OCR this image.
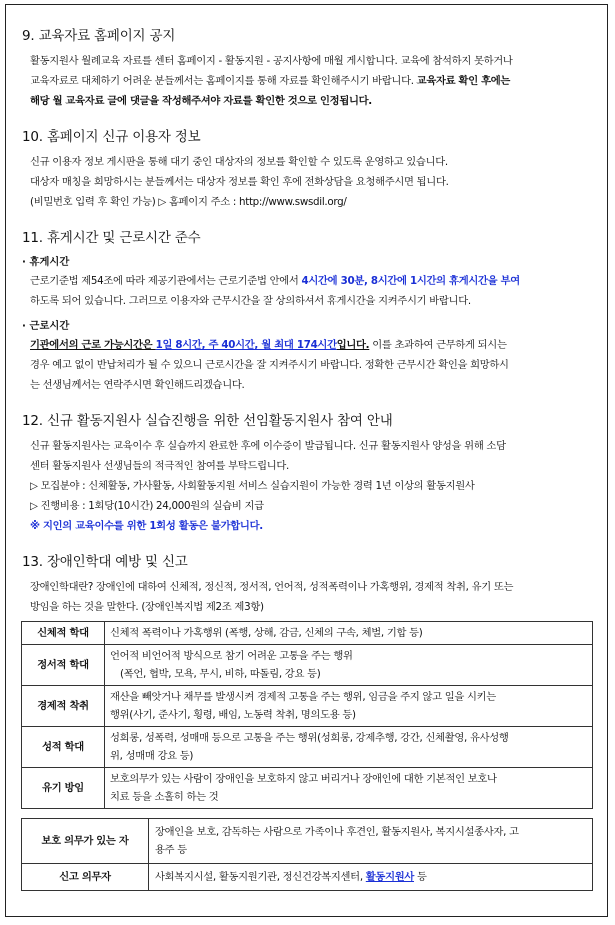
9. 교육자료 홈페이지 공지
활동지원사 월례교육 자료를 센터 홈페이지 - 활동지원 - 공지사항에 매월 게시합니다. 교육에 참석하지 못하거나
교육자료로 대체하기 어려운 분들께서는 홈페이지를 통해 자료를 확인해주시기 바랍니다. 교육자료 확인 후에는
해당 월 교육자료 글에 댓글을 작성해주셔야 자료를 확인한 것으로 인정됩니다.
10. 홈페이지 신규 이용자 정보
신규 이용자 정보 게시판을 통해 대기 중인 대상자의 정보를 확인할 수 있도록 운영하고 있습니다.
대상자 매칭을 희망하시는 분들께서는 대상자 정보를 확인 후에 전화상담을 요청해주시면 됩니다.
(비밀번호 입력 후 확인 가능) ▷ 홈페이지 주소 : http://www.swsdil.org/
11. 휴게시간 및 근로시간 준수
· 휴게시간
근로기준법 제54조에 따라 제공기관에서는 근로기준법 안에서 4시간에 30분, 8시간에 1시간의 휴게시간을 부여
하도록 되어 있습니다. 그러므로 이용자와 근무시간을 잘 상의하셔서 휴게시간을 지켜주시기 바랍니다.
· 근로시간
기관에서의 근로 가능시간은 1일 8시간, 주 40시간, 월 최대 174시간입니다. 이를 초과하여 근무하게 되시는
경우 예고 없이 반납처리가 될 수 있으니 근로시간을 잘 지켜주시기 바랍니다. 정확한 근무시간 확인을 희망하시
는 선생님께서는 연락주시면 확인해드리겠습니다.
12. 신규 활동지원사 실습진행을 위한 선임활동지원사 참여 안내
신규 활동지원사는 교육이수 후 실습까지 완료한 후에 이수증이 발급됩니다. 신규 활동지원사 양성을 위해 소담
센터 활동지원사 선생님들의 적극적인 참여를 부탁드립니다.
▷ 모집분야 : 신체활동, 가사활동, 사회활동지원 서비스 실습지원이 가능한 경력 1년 이상의 활동지원사
▷ 진행비용 : 1회당(10시간) 24,000원의 실습비 지급
※ 지인의 교육이수를 위한 1회성 활동은 불가합니다.
13. 장애인학대 예방 및 신고
장애인학대란? 장애인에 대하여 신체적, 정신적, 정서적, 언어적, 성적폭력이나 가혹행위, 경제적 착취, 유기 또는
방임을 하는 것을 말한다. (장애인복지법 제2조 제3항)
신체적 학대	신체적 폭력이나 가혹행위 (폭행, 상해, 감금, 신체의 구속, 체벌, 기합 등)
정서적 학대	언어적 비언어적 방식으로 참기 어려운 고통을 주는 행위
(폭언, 협박, 모욕, 무시, 비하, 따돌림, 강요 등)

경제적 착취	재산을 빼앗거나 채무를 발생시켜 경제적 고통을 주는 행위, 임금을 주지 않고 일을 시키는
행위(사기, 준사기, 횡령, 배임, 노동력 착취, 명의도용 등)

성적 학대	성희롱, 성폭력, 성매매 등으로 고통을 주는 행위(성희롱, 강제추행, 강간, 신체촬영, 유사성행
위, 성매매 강요 등)

유기 방임	보호의무가 있는 사람이 장애인을 보호하지 않고 버리거나 장애인에 대한 기본적인 보호나
치료 등을 소홀히 하는 것
보호 의무가 있는 자	장애인을 보호, 감독하는 사람으로 가족이나 후견인, 활동지원사, 복지시설종사자, 고
용주 등

신고 의무자	사회복지시설, 활동지원기관, 정신건강복지센터, 활동지원사 등
